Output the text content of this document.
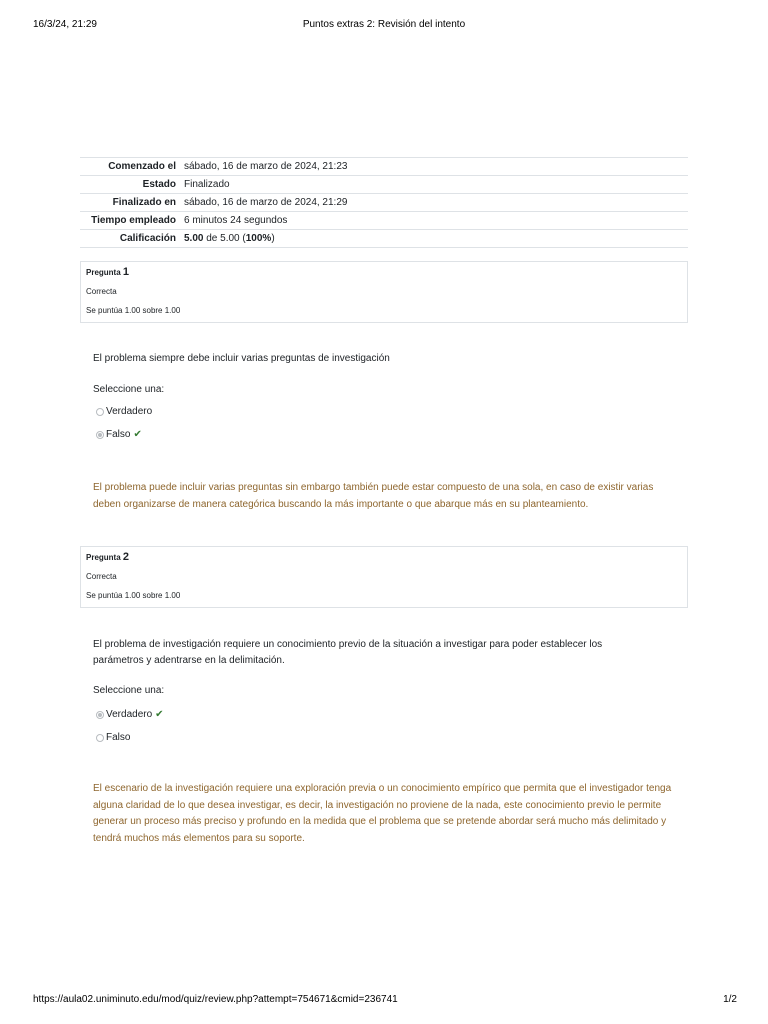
16/3/24, 21:29	Puntos extras 2: Revisión del intento
Comenzado el	sábado, 16 de marzo de 2024, 21:23
Estado	Finalizado
Finalizado en	sábado, 16 de marzo de 2024, 21:29
Tiempo empleado	6 minutos 24 segundos
Calificación	5.00 de 5.00 (100%)
Pregunta 1
Correcta
Se puntúa 1.00 sobre 1.00
El problema siempre debe incluir varias preguntas de investigación
Seleccione una:
Verdadero
Falso ✔
El problema puede incluir varias preguntas sin embargo también puede estar compuesto de una sola, en caso de existir varias deben organizarse de manera categórica buscando la más importante o que abarque más en su planteamiento.
Pregunta 2
Correcta
Se puntúa 1.00 sobre 1.00
El problema de investigación requiere un conocimiento previo de la situación a investigar para poder establecer los parámetros y adentrarse en la delimitación.
Seleccione una:
Verdadero ✔
Falso
El escenario de la investigación requiere una exploración previa o un conocimiento empírico que permita que el investigador tenga alguna claridad de lo que desea investigar, es decir, la investigación no proviene de la nada, este conocimiento previo le permite generar un proceso más preciso y profundo en la medida que el problema que se pretende abordar será mucho más delimitado y tendrá muchos más elementos para su soporte.
https://aula02.uniminuto.edu/mod/quiz/review.php?attempt=754671&cmid=236741	1/2
